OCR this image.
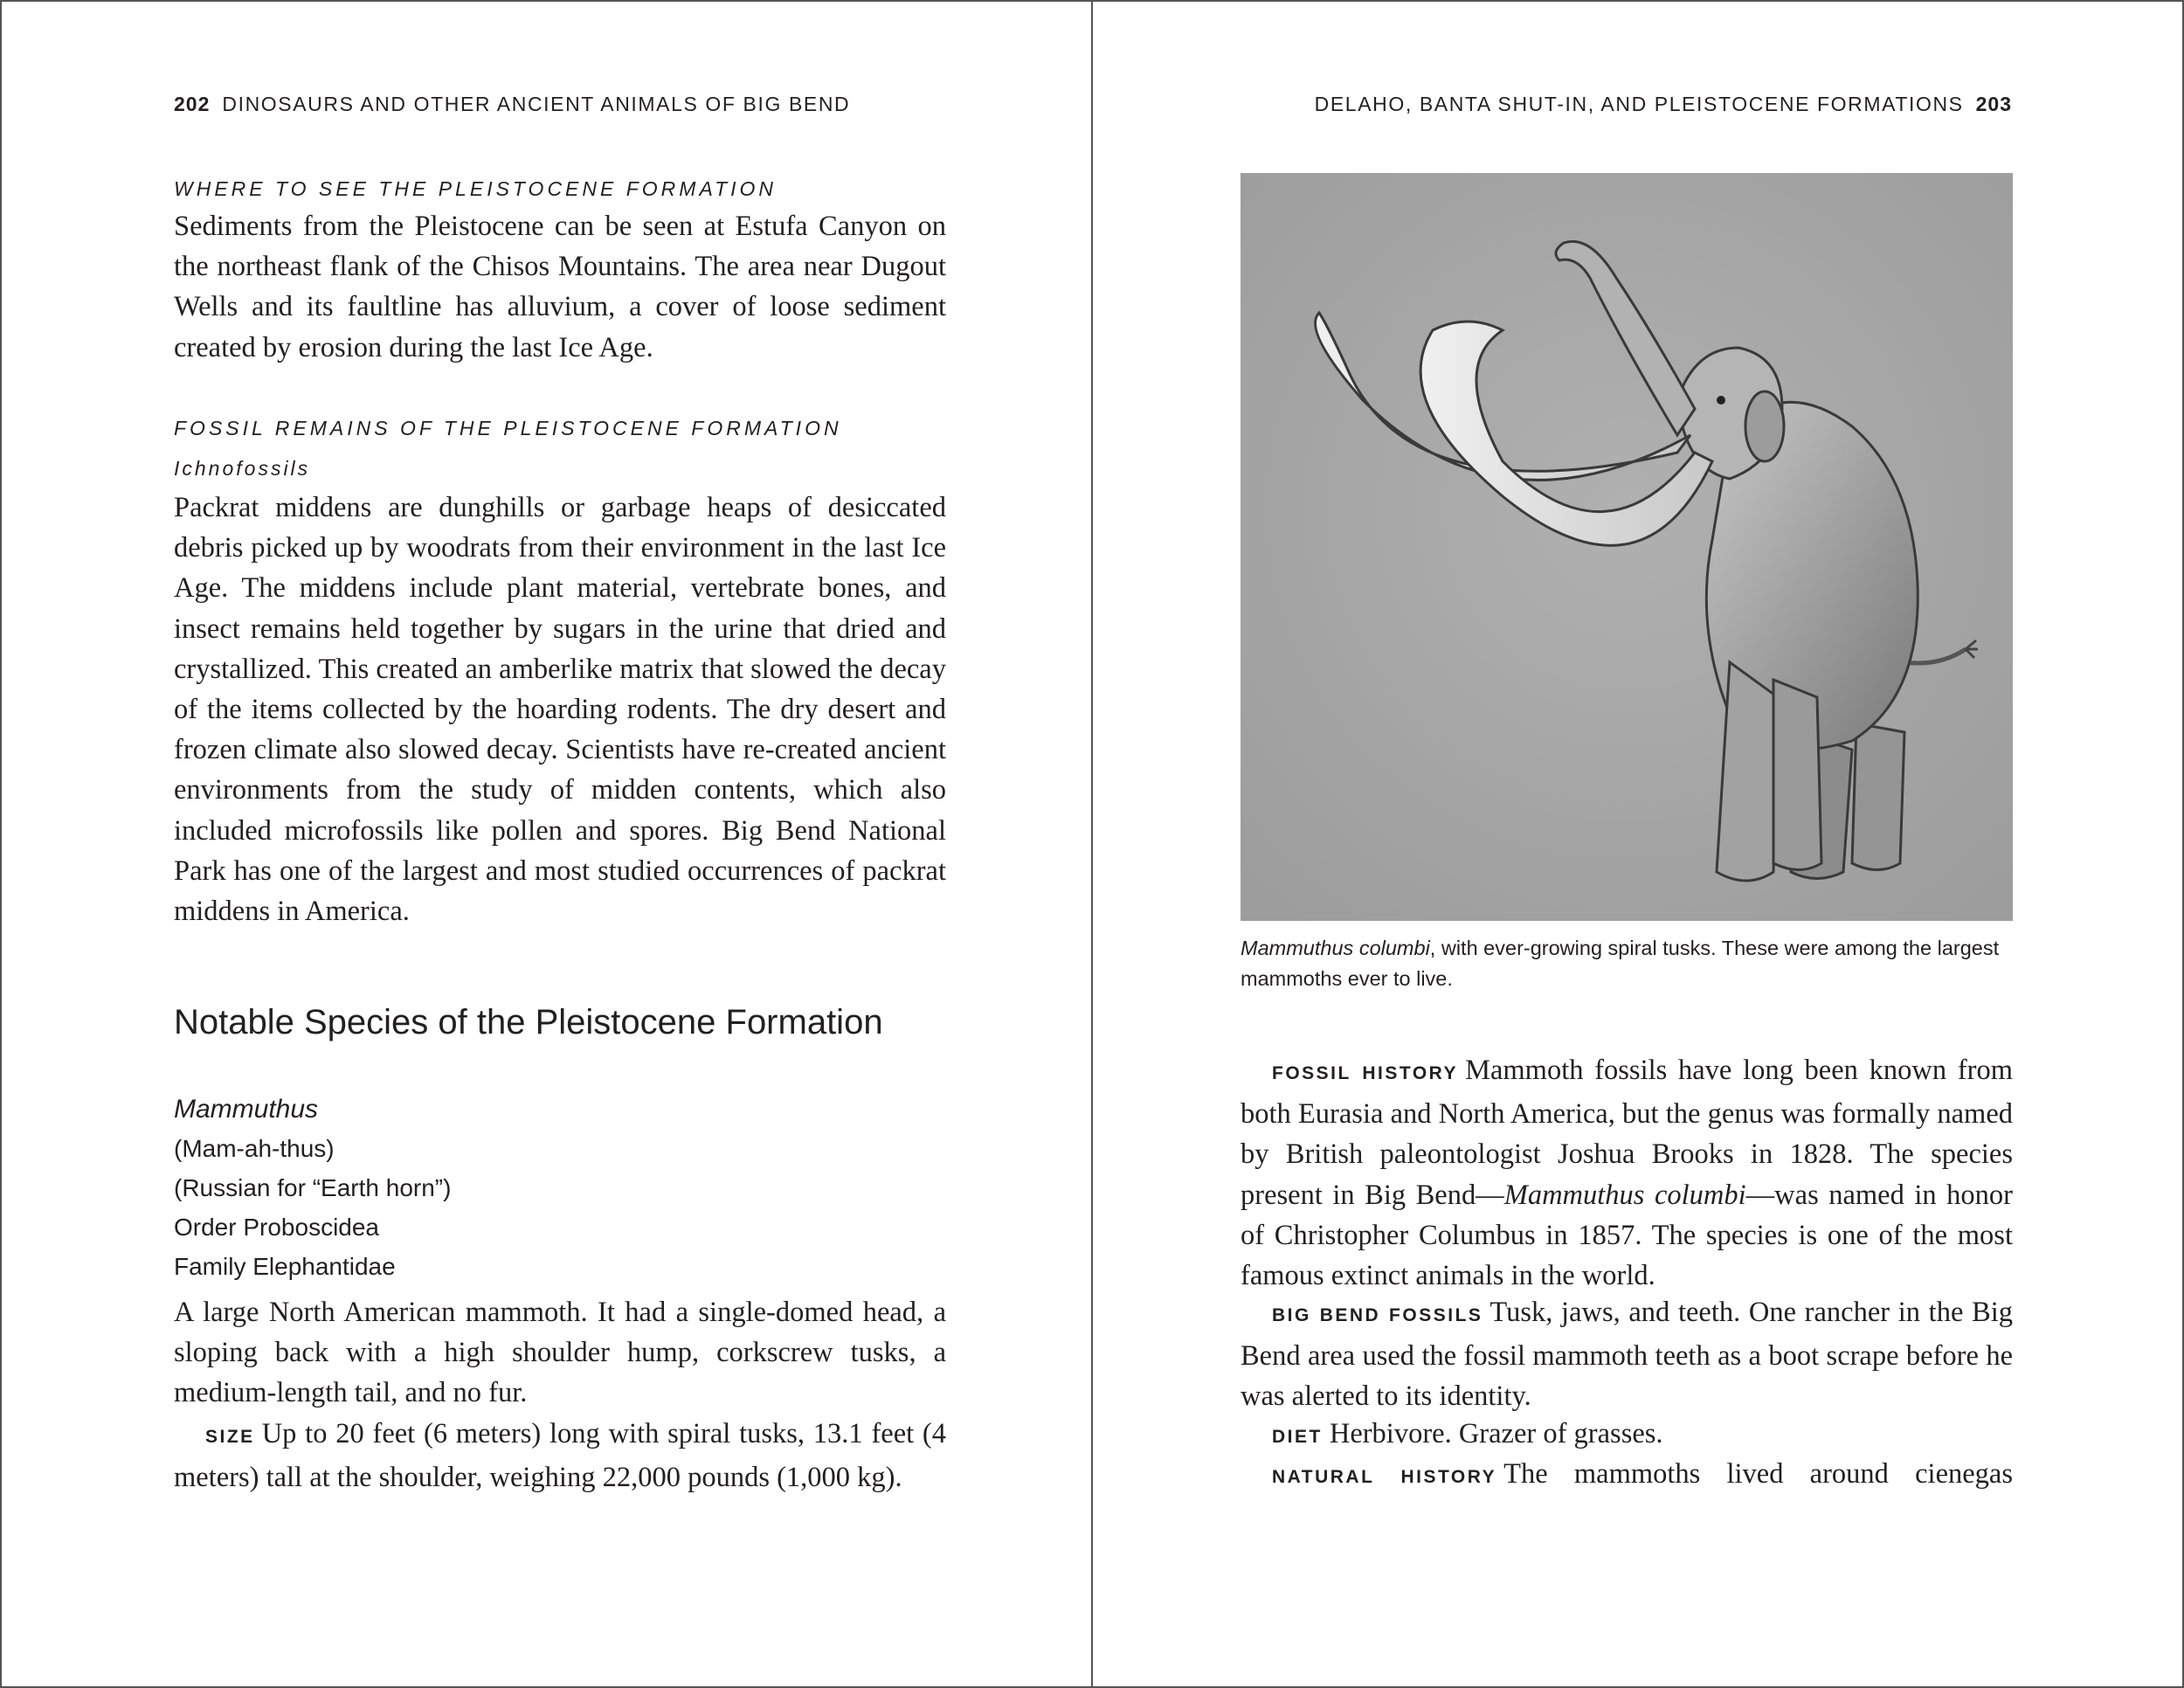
202 DINOSAURS AND OTHER ANCIENT ANIMALS OF BIG BEND
WHERE TO SEE THE PLEISTOCENE FORMATION
Sediments from the Pleistocene can be seen at Estufa Canyon on the northeast flank of the Chisos Mountains. The area near Dugout Wells and its faultline has alluvium, a cover of loose sediment created by erosion during the last Ice Age.
FOSSIL REMAINS OF THE PLEISTOCENE FORMATION
Ichnofossils
Packrat middens are dunghills or garbage heaps of desiccated debris picked up by woodrats from their environment in the last Ice Age. The middens include plant material, vertebrate bones, and insect remains held together by sugars in the urine that dried and crystallized. This created an amberlike matrix that slowed the decay of the items collected by the hoarding rodents. The dry desert and frozen climate also slowed decay. Scientists have re-created ancient environments from the study of midden contents, which also included microfossils like pollen and spores. Big Bend National Park has one of the largest and most studied occurrences of packrat middens in America.
Notable Species of the Pleistocene Formation
Mammuthus
(Mam-ah-thus)
(Russian for “Earth horn”)
Order Proboscidea
Family Elephantidae
A large North American mammoth. It had a single-domed head, a sloping back with a high shoulder hump, corkscrew tusks, a medium-length tail, and no fur.
SIZE Up to 20 feet (6 meters) long with spiral tusks, 13.1 feet (4 meters) tall at the shoulder, weighing 22,000 pounds (1,000 kg).
DELAHO, BANTA SHUT-IN, AND PLEISTOCENE FORMATIONS 203
Mammuthus columbi, with ever-growing spiral tusks. These were among the largest mammoths ever to live.
FOSSIL HISTORY Mammoth fossils have long been known from both Eurasia and North America, but the genus was formally named by British paleontologist Joshua Brooks in 1828. The species present in Big Bend—Mammuthus columbi—was named in honor of Christopher Columbus in 1857. The species is one of the most famous extinct animals in the world.
BIG BEND FOSSILS Tusk, jaws, and teeth. One rancher in the Big Bend area used the fossil mammoth teeth as a boot scrape before he was alerted to its identity.
DIET Herbivore. Grazer of grasses.
NATURAL HISTORY The mammoths lived around cienegas
